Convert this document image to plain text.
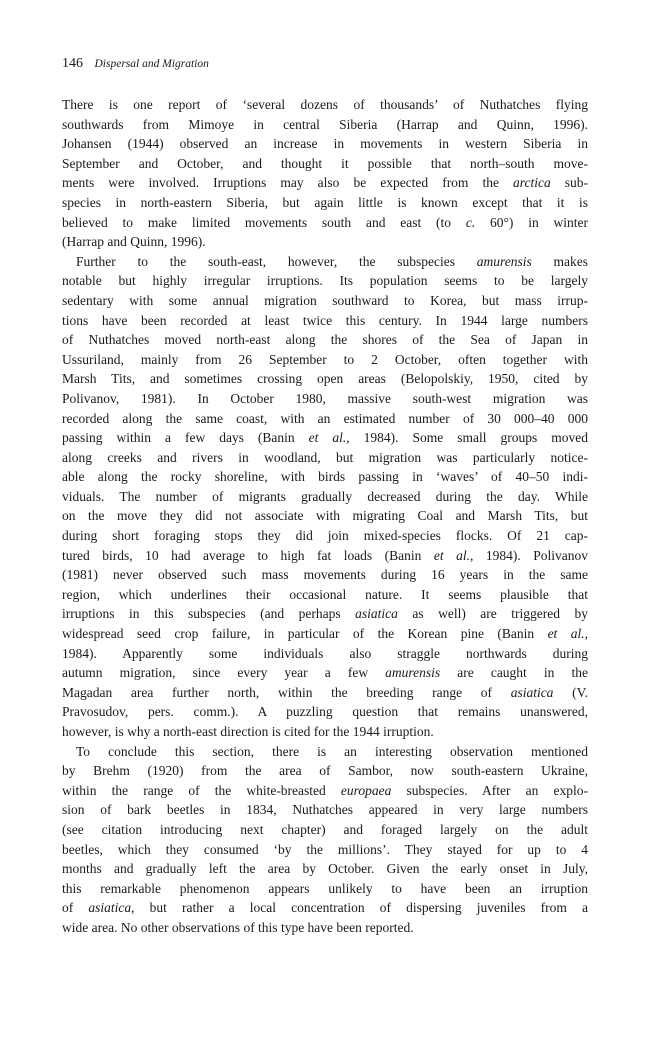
146 Dispersal and Migration
There is one report of ‘several dozens of thousands’ of Nuthatches flying
southwards from Mimoye in central Siberia (Harrap and Quinn, 1996).
Johansen (1944) observed an increase in movements in western Siberia in
September and October, and thought it possible that north–south move-
ments were involved. Irruptions may also be expected from the arctica sub-
species in north-eastern Siberia, but again little is known except that it is
believed to make limited movements south and east (to c. 60°) in winter
(Harrap and Quinn, 1996).
Further to the south-east, however, the subspecies amurensis makes
notable but highly irregular irruptions. Its population seems to be largely
sedentary with some annual migration southward to Korea, but mass irrup-
tions have been recorded at least twice this century. In 1944 large numbers
of Nuthatches moved north-east along the shores of the Sea of Japan in
Ussuriland, mainly from 26 September to 2 October, often together with
Marsh Tits, and sometimes crossing open areas (Belopolskiy, 1950, cited by
Polivanov, 1981). In October 1980, massive south-west migration was
recorded along the same coast, with an estimated number of 30 000–40 000
passing within a few days (Banin et al., 1984). Some small groups moved
along creeks and rivers in woodland, but migration was particularly notice-
able along the rocky shoreline, with birds passing in ‘waves’ of 40–50 indi-
viduals. The number of migrants gradually decreased during the day. While
on the move they did not associate with migrating Coal and Marsh Tits, but
during short foraging stops they did join mixed-species flocks. Of 21 cap-
tured birds, 10 had average to high fat loads (Banin et al., 1984). Polivanov
(1981) never observed such mass movements during 16 years in the same
region, which underlines their occasional nature. It seems plausible that
irruptions in this subspecies (and perhaps asiatica as well) are triggered by
widespread seed crop failure, in particular of the Korean pine (Banin et al.,
1984). Apparently some individuals also straggle northwards during
autumn migration, since every year a few amurensis are caught in the
Magadan area further north, within the breeding range of asiatica (V.
Pravosudov, pers. comm.). A puzzling question that remains unanswered,
however, is why a north-east direction is cited for the 1944 irruption.
To conclude this section, there is an interesting observation mentioned
by Brehm (1920) from the area of Sambor, now south-eastern Ukraine,
within the range of the white-breasted europaea subspecies. After an explo-
sion of bark beetles in 1834, Nuthatches appeared in very large numbers
(see citation introducing next chapter) and foraged largely on the adult
beetles, which they consumed ‘by the millions’. They stayed for up to 4
months and gradually left the area by October. Given the early onset in July,
this remarkable phenomenon appears unlikely to have been an irruption
of asiatica, but rather a local concentration of dispersing juveniles from a
wide area. No other observations of this type have been reported.
